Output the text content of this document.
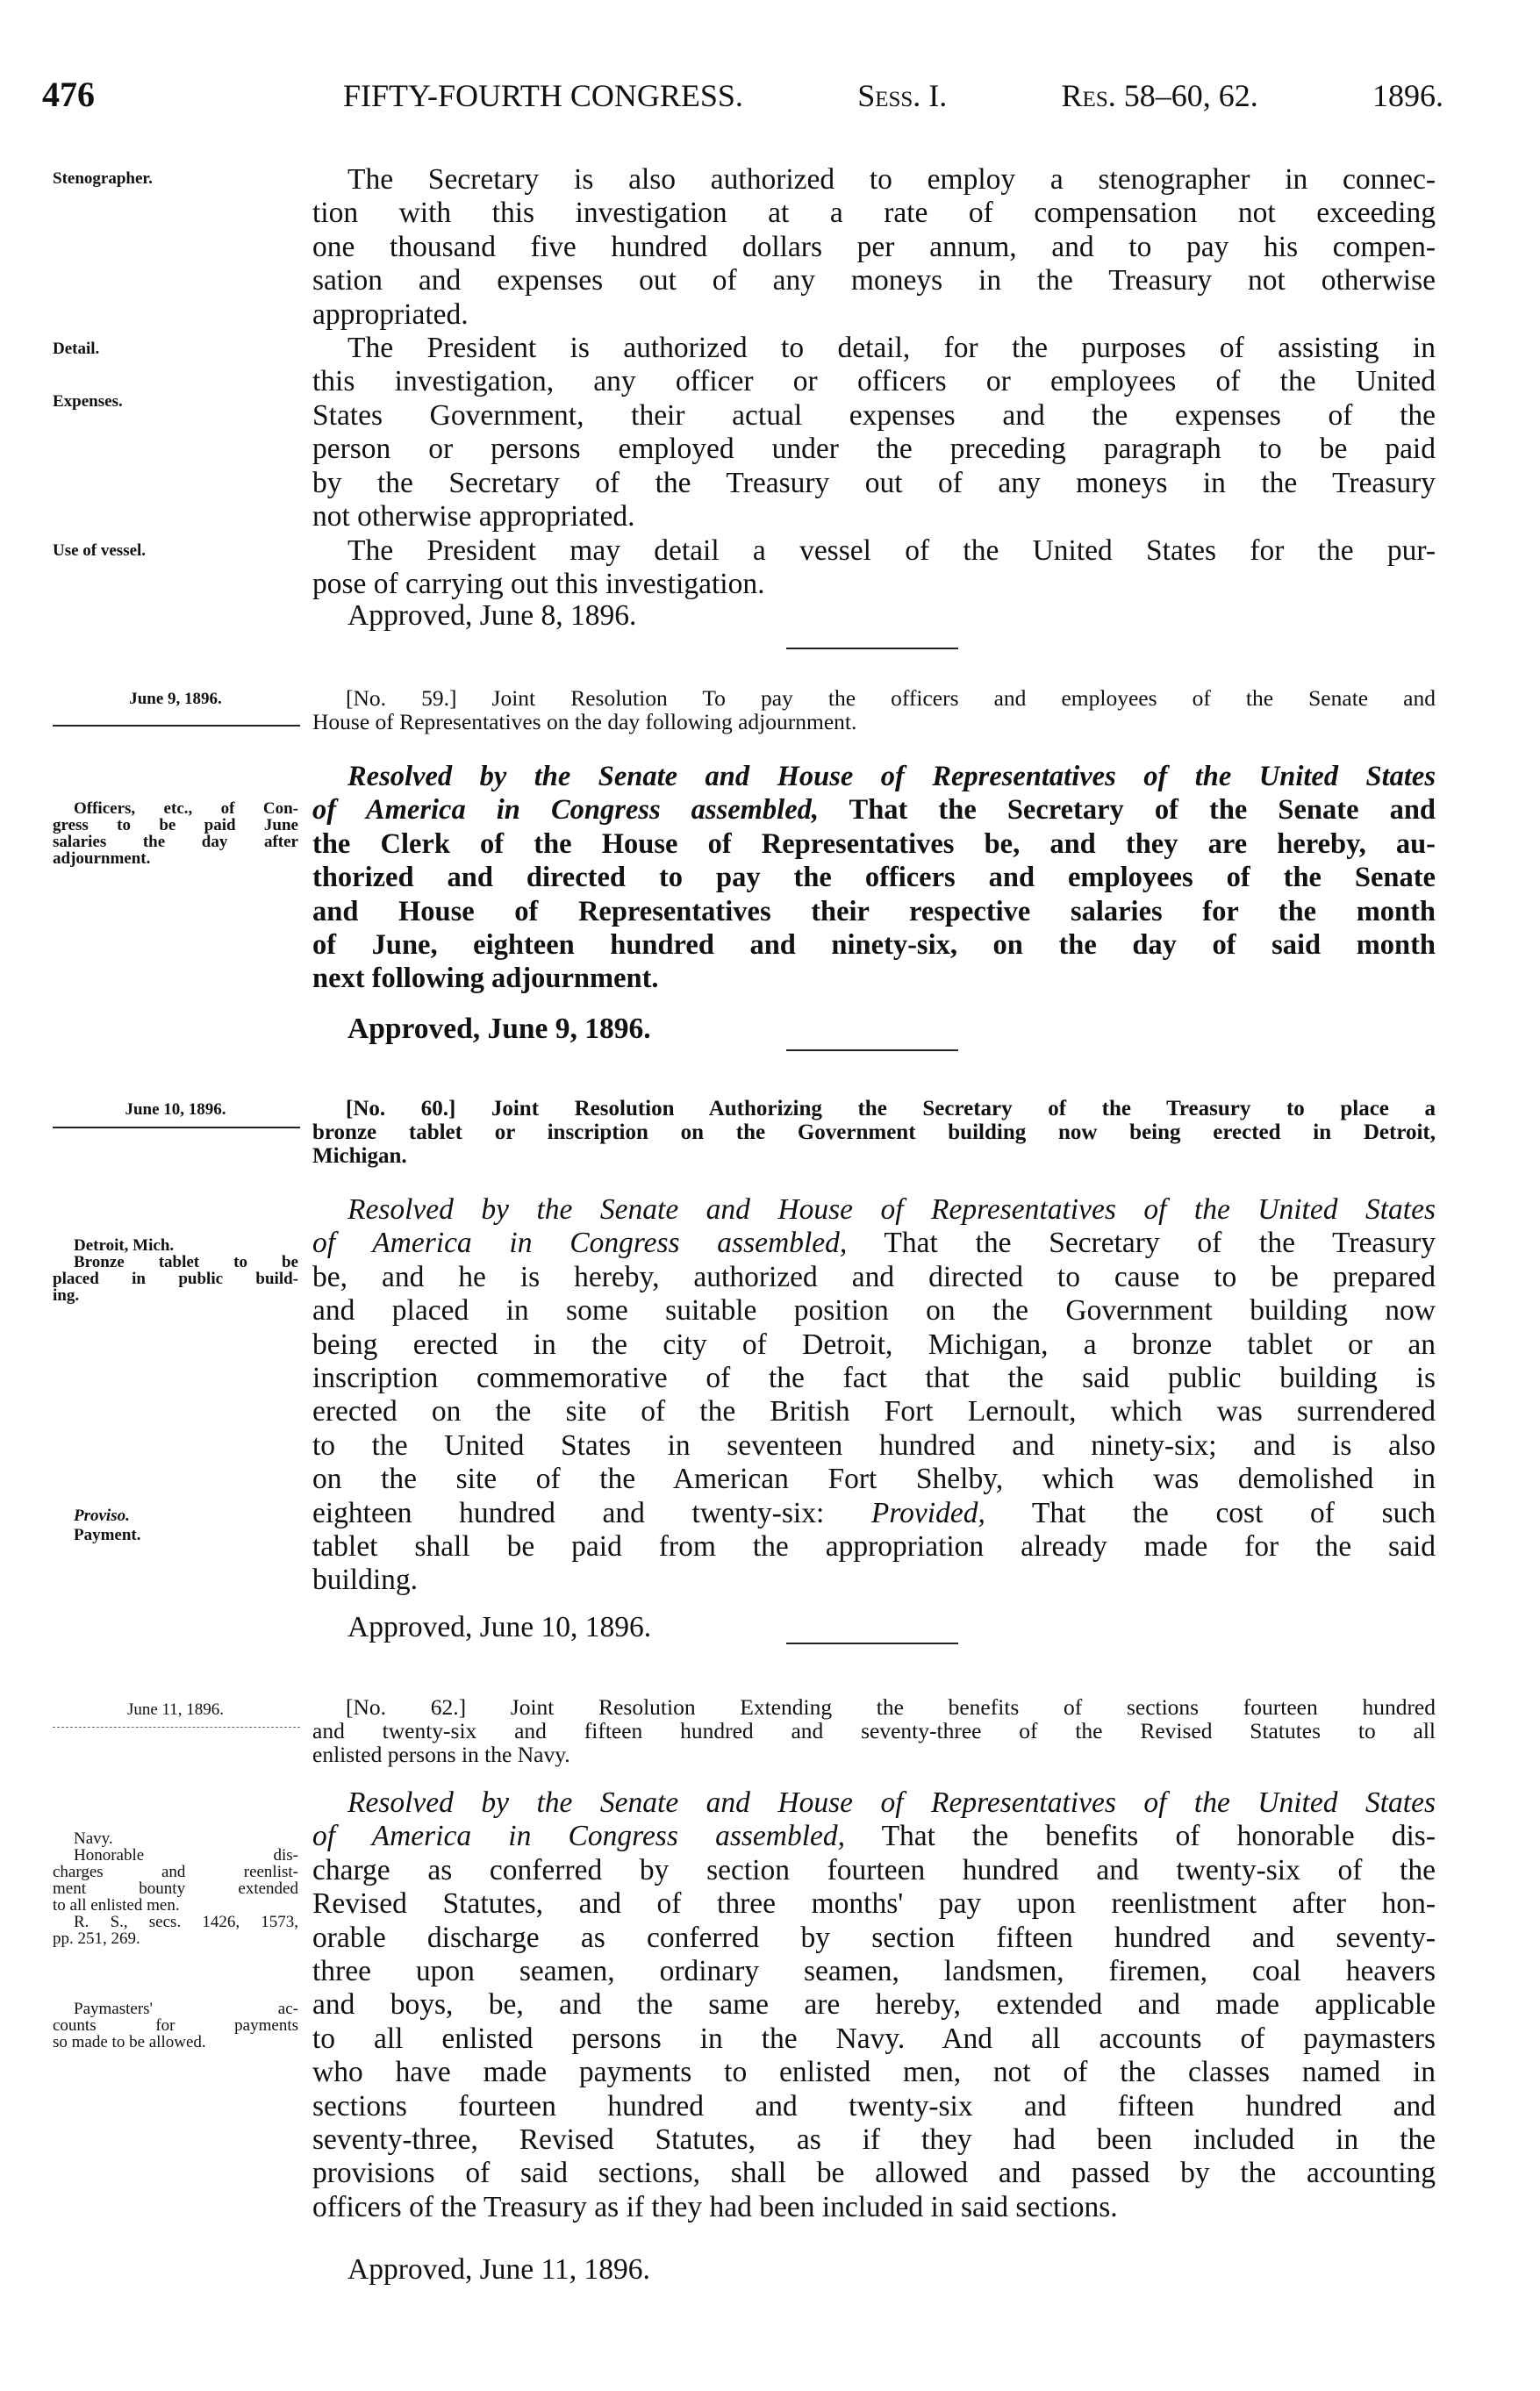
476	FIFTY-FOURTH CONGRESS.	Sess. I.	Res. 58–60, 62.	1896.
The Secretary is also authorized to employ a stenographer in connec-
tion with this investigation at a rate of compensation not exceeding
one thousand five hundred dollars per annum, and to pay his compen-
sation and expenses out of any moneys in the Treasury not otherwise
appropriated.
The President is authorized to detail, for the purposes of assisting in
this investigation, any officer or officers or employees of the United
States Government, their actual expenses and the expenses of the
person or persons employed under the preceding paragraph to be paid
by the Secretary of the Treasury out of any moneys in the Treasury
not otherwise appropriated.
The President may detail a vessel of the United States for the pur-
pose of carrying out this investigation.
Approved, June 8, 1896.
June 9, 1896.	[No. 59.] Joint Resolution To pay the officers and employees of the Senate and
House of Representatives on the day following adjournment.
Resolved by the Senate and House of Representatives of the United States
of America in Congress assembled, That the Secretary of the Senate and
the Clerk of the House of Representatives be, and they are hereby, au-
thorized and directed to pay the officers and employees of the Senate
and House of Representatives their respective salaries for the month
of June, eighteen hundred and ninety-six, on the day of said month
next following adjournment.
Approved, June 9, 1896.
June 10, 1896.	[No. 60.] Joint Resolution Authorizing the Secretary of the Treasury to place a
bronze tablet or inscription on the Government building now being erected in Detroit,
Michigan.
Resolved by the Senate and House of Representatives of the United States
of America in Congress assembled, That the Secretary of the Treasury
be, and he is hereby, authorized and directed to cause to be prepared
and placed in some suitable position on the Government building now
being erected in the city of Detroit, Michigan, a bronze tablet or an
inscription commemorative of the fact that the said public building is
erected on the site of the British Fort Lernoult, which was surrendered
to the United States in seventeen hundred and ninety-six; and is also
on the site of the American Fort Shelby, which was demolished in
eighteen hundred and twenty-six: Provided, That the cost of such
tablet shall be paid from the appropriation already made for the said
building.
Approved, June 10, 1896.
June 11, 1896.	[No. 62.] Joint Resolution Extending the benefits of sections fourteen hundred
and twenty-six and fifteen hundred and seventy-three of the Revised Statutes to all
enlisted persons in the Navy.
Resolved by the Senate and House of Representatives of the United States
of America in Congress assembled, That the benefits of honorable dis-
charge as conferred by section fourteen hundred and twenty-six of the
Revised Statutes, and of three months' pay upon reenlistment after hon-
orable discharge as conferred by section fifteen hundred and seventy-
three upon seamen, ordinary seamen, landsmen, firemen, coal heavers
and boys, be, and the same are hereby, extended and made applicable
to all enlisted persons in the Navy. And all accounts of paymasters
who have made payments to enlisted men, not of the classes named in
sections fourteen hundred and twenty-six and fifteen hundred and
seventy-three, Revised Statutes, as if they had been included in the
provisions of said sections, shall be allowed and passed by the accounting
officers of the Treasury as if they had been included in said sections.
Approved, June 11, 1896.
Stenographer.
Detail.
Expenses.
Use of vessel.
Officers, etc., of Con-
gress to be paid June
salaries the day after
adjournment.
Detroit, Mich.
Bronze tablet to be
placed in public build-
ing.
Proviso.
Payment.
Navy.
Honorable dis-
charges and reenlist-
ment bounty extended
to all enlisted men.
R. S., secs. 1426, 1573,
pp. 251, 269.
Paymasters' ac-
counts for payments
so made to be allowed.
